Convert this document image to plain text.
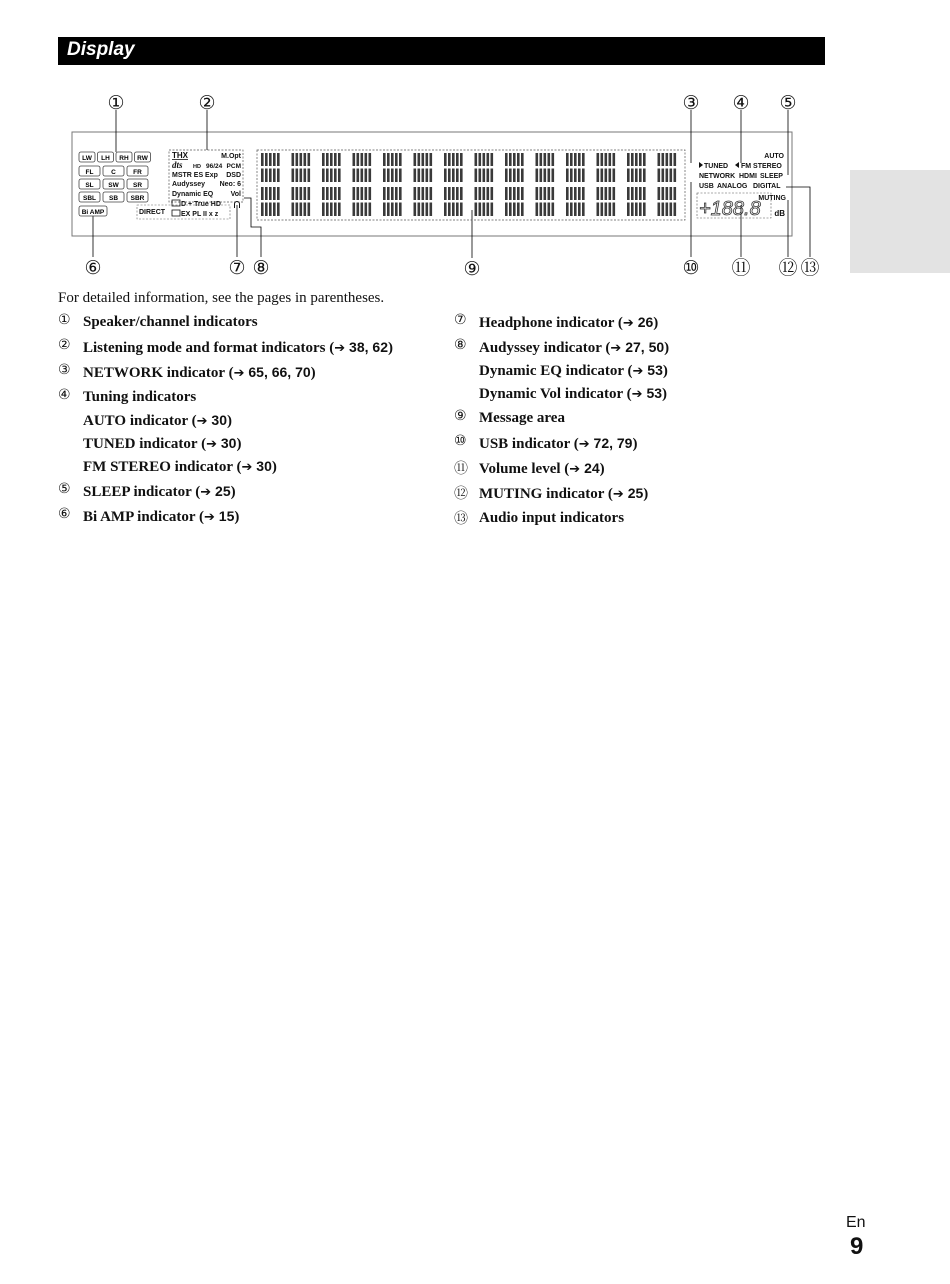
Display
LW LH RH RW
FL	C	FR
SL SW SR
SBL SB SBR
Bi AMP
THX	M.Opt
dts HD 96/24 PCM
MSTR ES Exp DSD
Audyssey Neo: 6
Dynamic EQ Vol
DIRECT
D + True HD
EX PL II x z
AUTO
TUNED FM STEREO
NETWORK HDMI SLEEP
USB ANALOG DIGITAL
MUTING
dB
+188.8
①	②	③ ④ ⑤
⑥	⑦ ⑧	⑨	⑩ ⑪ ⑫ ⑬
For detailed information, see the pages in parentheses.
① Speaker/channel indicators
② Listening mode and format indicators (➔ 38, 62)
③ NETWORK indicator (➔ 65, 66, 70)
④ Tuning indicators
AUTO indicator (➔ 30)
TUNED indicator (➔ 30)
FM STEREO indicator (➔ 30)
⑤ SLEEP indicator (➔ 25)
⑥ Bi AMP indicator (➔ 15)
⑦ Headphone indicator (➔ 26)
⑧ Audyssey indicator (➔ 27, 50)
Dynamic EQ indicator (➔ 53)
Dynamic Vol indicator (➔ 53)
⑨ Message area
⑩ USB indicator (➔ 72, 79)
⑪ Volume level (➔ 24)
⑫ MUTING indicator (➔ 25)
⑬ Audio input indicators
En
9
